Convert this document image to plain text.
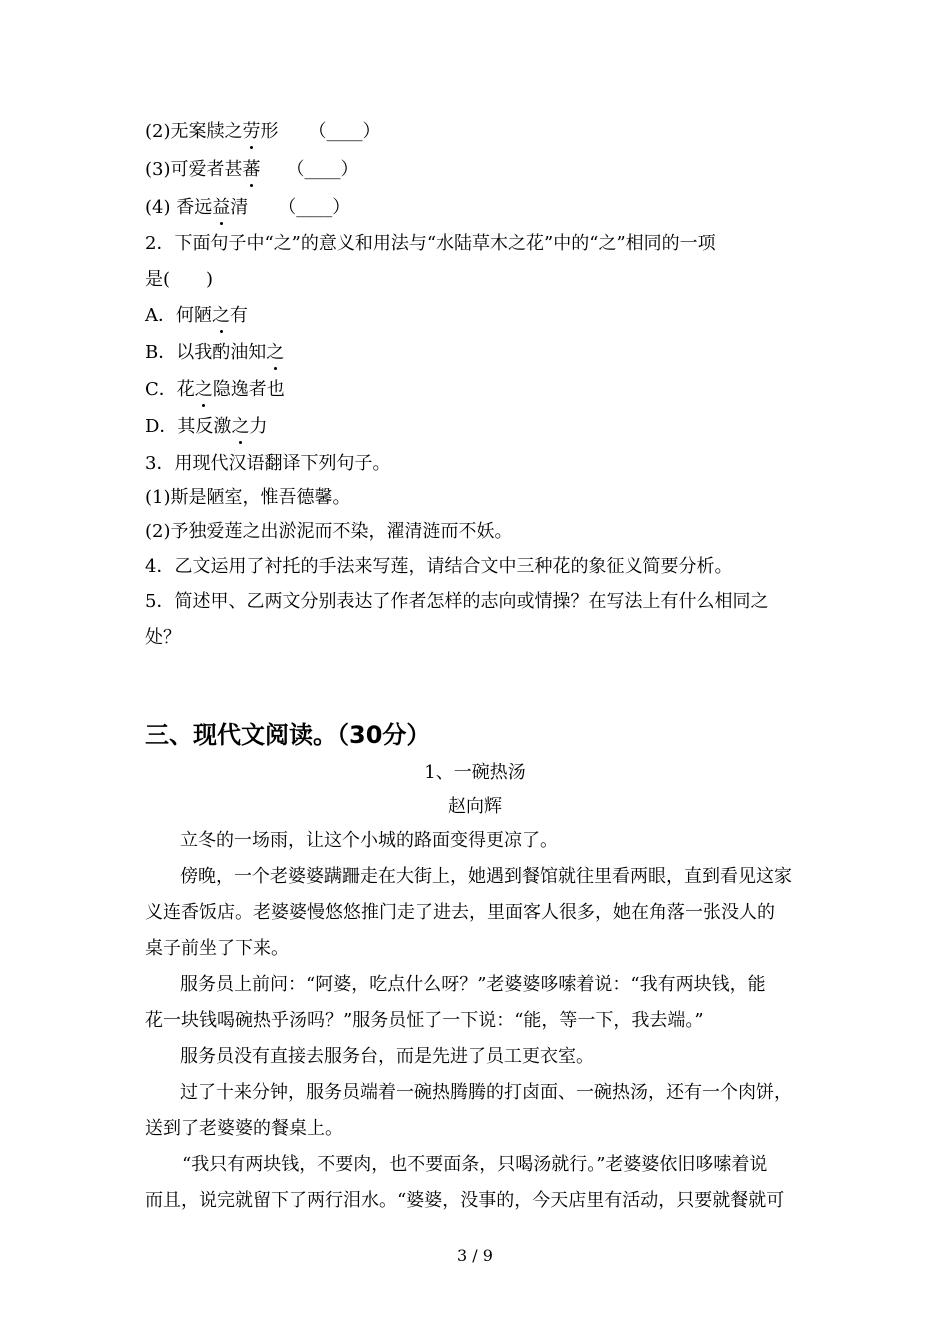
(2)无案牍之劳形 （____）
(3)可爱者甚蕃 （____）
(4) 香远益清 （____）
2．下面句子中“之”的意义和用法与“水陆草木之花”中的“之”相同的一项
是(　　)
A．何陋之有
B．以我酌油知之
C．花之隐逸者也
D．其反激之力
3．用现代汉语翻译下列句子。
(1)斯是陋室，惟吾德馨。
(2)予独爱莲之出淤泥而不染，濯清涟而不妖。
4．乙文运用了衬托的手法来写莲，请结合文中三种花的象征义简要分析。
5．简述甲、乙两文分别表达了作者怎样的志向或情操？在写法上有什么相同之
处？
三、现代文阅读。（30分）
1、一碗热汤
赵向辉
立冬的一场雨，让这个小城的路面变得更凉了。
傍晚，一个老婆婆蹒跚走在大街上，她遇到餐馆就往里看两眼，直到看见这家
义连香饭店。老婆婆慢悠悠推门走了进去，里面客人很多，她在角落一张没人的
桌子前坐了下来。
服务员上前问：“阿婆，吃点什么呀？”老婆婆哆嗦着说：“我有两块钱，能
花一块钱喝碗热乎汤吗？”服务员怔了一下说：“能，等一下，我去端。”
服务员没有直接去服务台，而是先进了员工更衣室。
过了十来分钟，服务员端着一碗热腾腾的打卤面、一碗热汤，还有一个肉饼，
送到了老婆婆的餐桌上。
“我只有两块钱，不要肉，也不要面条，只喝汤就行。”老婆婆依旧哆嗦着说
而且，说完就留下了两行泪水。“婆婆，没事的，今天店里有活动，只要就餐就可
3 / 9
